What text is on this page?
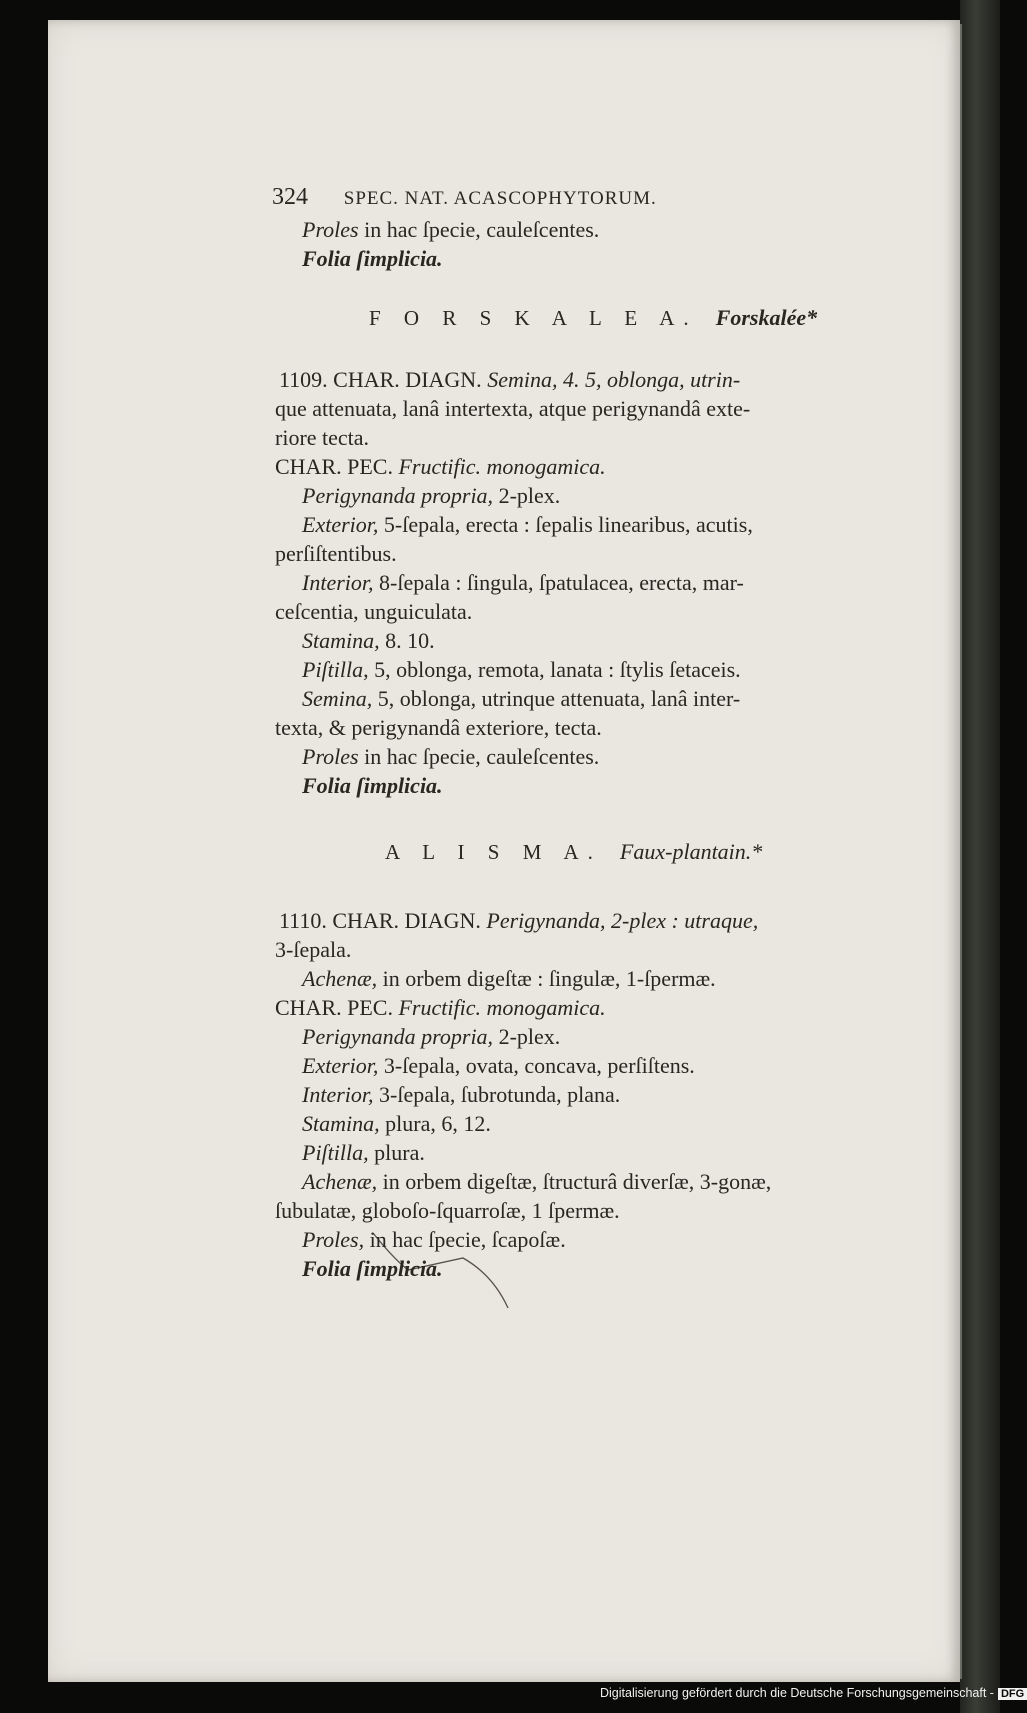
324 SPEC. NAT. ACASCOPHYTORUM.
Proles in hac ſpecie, cauleſcentes.
Folia ſimplicia.
F O R S K A L E A. Forskalée*
1109. CHAR. DIAGN. Semina, 4. 5, oblonga, utrin-
que attenuata, lanâ intertexta, atque perigynandâ exte-
riore tecta.
CHAR. PEC. Fructific. monogamica.
Perigynanda propria, 2-plex.
Exterior, 5-ſepala, erecta : ſepalis linearibus, acutis,
perſiſtentibus.
Interior, 8-ſepala : ſingula, ſpatulacea, erecta, mar-
ceſcentia, unguiculata.
Stamina, 8. 10.
Piſtilla, 5, oblonga, remota, lanata : ſtylis ſetaceis.
Semina, 5, oblonga, utrinque attenuata, lanâ inter-
texta, & perigynandâ exteriore, tecta.
Proles in hac ſpecie, cauleſcentes.
Folia ſimplicia.
A L I S M A. Faux-plantain.*
1110. CHAR. DIAGN. Perigynanda, 2-plex : utraque,
3-ſepala.
Achenæ, in orbem digeſtæ : ſingulæ, 1-ſpermæ.
CHAR. PEC. Fructific. monogamica.
Perigynanda propria, 2-plex.
Exterior, 3-ſepala, ovata, concava, perſiſtens.
Interior, 3-ſepala, ſubrotunda, plana.
Stamina, plura, 6, 12.
Piſtilla, plura.
Achenæ, in orbem digeſtæ, ſtructurâ diverſæ, 3-gonæ,
ſubulatæ, globoſo-ſquarroſæ, 1 ſpermæ.
Proles, in hac ſpecie, ſcapoſæ.
Folia ſimplicia.
Digitalisierung gefördert durch die Deutsche Forschungsgemeinschaft - DFG
